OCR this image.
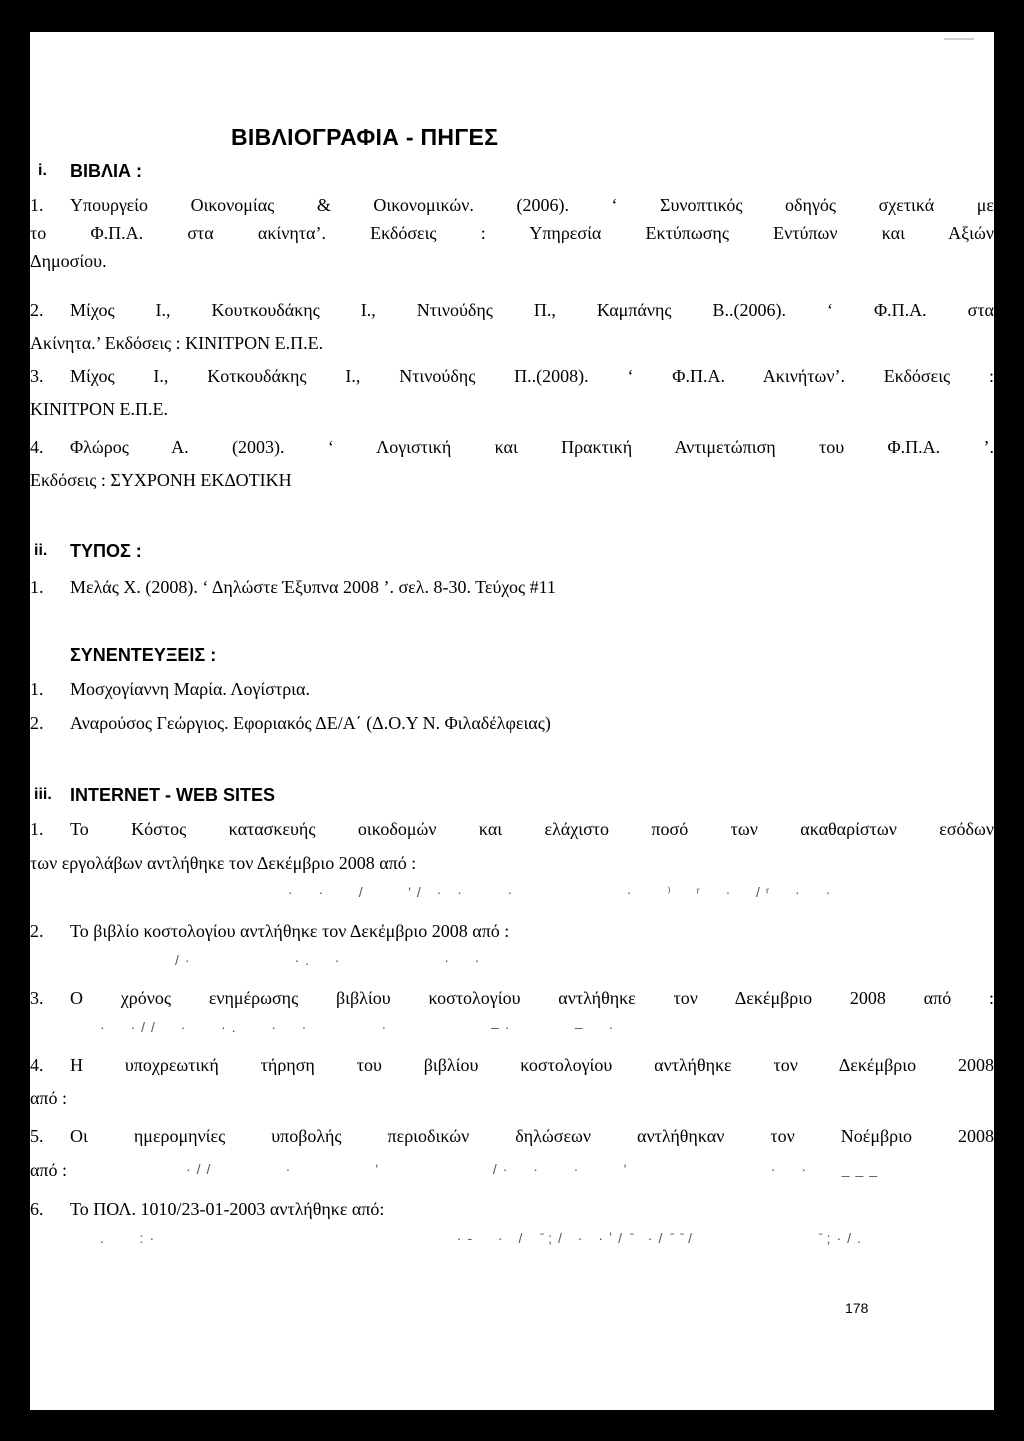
ΒΙΒΛΙΟΓΡΑΦΙΑ - ΠΗΓΕΣ
i. ΒΙΒΛΙΑ :
1. Υπουργείο Οικονομίας & Οικονομικών. (2006). ‘ Συνοπτικός οδηγός σχετικά με
το Φ.Π.Α. στα ακίνητα’. Εκδόσεις : Υπηρεσία Εκτύπωσης Εντύπων και Αξιών
Δημοσίου.
2. Μίχος Ι., Κουτκουδάκης Ι., Ντινούδης Π., Καμπάνης Β..(2006). ‘ Φ.Π.Α. στα
Ακίνητα.’ Εκδόσεις : ΚΙΝΙΤΡΟΝ Ε.Π.Ε.
3. Μίχος Ι., Κοτκουδάκης Ι., Ντινούδης Π..(2008). ‘ Φ.Π.Α. Ακινήτων’. Εκδόσεις :
ΚΙΝΙΤΡΟΝ Ε.Π.Ε.
4. Φλώρος Α. (2003). ‘ Λογιστική και Πρακτική Αντιμετώπιση του Φ.Π.Α. ’.
Εκδόσεις : ΣΥΧΡΟΝΗ ΕΚΔΟΤΙΚΗ
ii. ΤΥΠΟΣ :
1. Μελάς Χ. (2008). ‘ Δηλώστε Έξυπνα 2008 ’. σελ. 8-30. Τεύχος #11
ΣΥΝΕΝΤΕΥΞΕΙΣ :
1. Μοσχογίαννη Μαρία. Λογίστρια.
2. Αναρούσος Γεώργιος. Εφοριακός ΔΕ/Α΄ (Δ.Ο.Υ Ν. Φιλαδέλφειας)
iii. INTERNET - WEB SITES
1. Το Κόστος κατασκευής οικοδομών και ελάχιστο ποσό των ακαθαρίστων εσόδων
των εργολάβων αντλήθηκε τον Δεκέμβριο 2008 από :
·  ·   /    '/ · ·    ·           ·   ⁾  ʳ  ·  /ʳ  ·  ·
2. Το βιβλίο κοστολογίου αντλήθηκε τον Δεκέμβριο 2008 από :
/·          ·.  ·          ·  ·
3. Ο χρόνος ενημέρωσης βιβλίου κοστολογίου αντλήθηκε τον Δεκέμβριο 2008 από :
·  ·//  ·   ·.   ·  ·       ·          –·      –  ·
4. Η υποχρεωτική τήρηση του βιβλίου κοστολογίου αντλήθηκε τον Δεκέμβριο 2008
από :
5. Οι ημερομηνίες υποβολής περιοδικών δηλώσεων αντλήθηκαν τον Νοέμβριο 2008
από :	·//       ·        '           /·  ·   ·    '              ·  ·   ___
6. Το ΠΟΛ. 1010/23-01-2003 αντλήθηκε από:
.   :·                              ·-  · /  ̄;/ · ·ʼ/ ̄ ·/ ̄ ̄/             ̄;·/.
178
